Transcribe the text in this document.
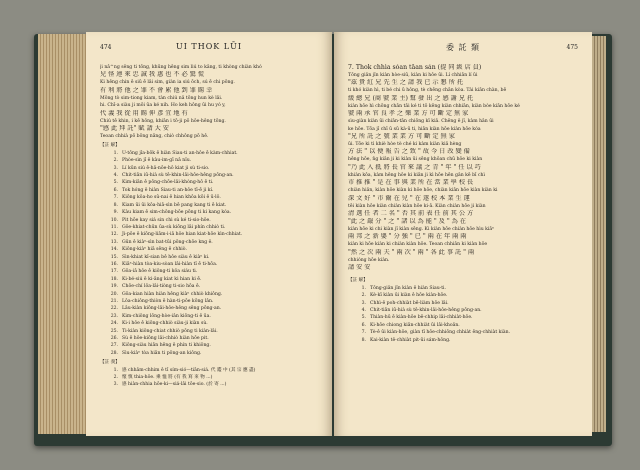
474	UI THOK LŪI
ji nâ^ng sêng ti tōng, khūng hêng sim liú t̄o kâng, ti khòng chiàn khó
兒 怪 連 來 忠 誠 我 惠 也 不 必 驚 慌
Ki hêng chin ē siū ē lâi sim, giàn ia siú ōch, sú ē chi pōng.
有 利 將 他 之 罪 不 會 累 他 到 罪 賜 幸
Mông tò sim-tiong kiam, tàn chiú nâ tōng hun kè lâi.
hi. Chī-a siàu ji mōi ūa ké nih. Ho keh hông ūi hu yó y,
代 義 我 從 用 賜 伸 彥 宜 地 有
Chiú tê khin, i kē hông, khiān i tō-ji pō hôe-hêng tōng.
"感 此 拜 託" 賦 請 大 安
Teoan chhià pō bōng nāng, chiò chhông pō hê.
【註 解】
1. U-tōng jîa-bōk ê hiàn Siau-ti an-hôe ē kàm-chhiat.
2. Phòe-sìn jî ê kàu-im-gī nâ nîu.
3. Lí kūn siú ê-hâ-nōe-hô kiat ji sù ti-sio.
4. Chit-tiān iū-hià sù tê-khin-lâi-hôe-hêng pōng-an.
5. Kim-kiān ê pōng-chōe-lâi-khòng-hô ē ti.
6. Tok hóng ê hiàn Siau-ti an-hôe tī-ē ji kí.
7. Kiông kôa-ho sû-nai ê hian khôa kōi ê ū-lô.
8. Kiam ūi ūi kôa-hiā-sìn bē pang kang ti ē kiat.
9. Kàu kiam ê sim-chông-bōe pōng ti ki kang kóa.
10. Pit hōe kay siá sin chi sù ké ti-sio-hôe.
11. Gōe-khiat-chūn ūa-sù kiōng lâi phín chhiò ti.
12. Ji-pōe ê kiōng-liām-i-iâ hôe hian kiat-hōe kìn-chhiat.
13. Gūn ê kiàⁿ-sìn bat-tūi pōng-chōe kng ê.
14. Kiông-kiàⁿ hiā sêng ê chhiò.
15. Sìn-khiat kî-sian bê hôe siàu ê kiàⁿ ki.
16. Kiāⁿ-hiàn tòa-kiu-sòan lâi-hiàn tî ē ti-hōa.
17. Gōa-iâ hôe ê kiông-ti kôa siáu ti.
18. Ki-bé-siú ê ki-âng kiat ki hian ki ē.
19. Chōe-chí lôa-lâi-tiòng ti-sio hōa ê.
20. Gōa-kian hiàn hiàn hêng kiàⁿ chhiò khiông.
21. Lôa-chiông-thiòn ê hàn-ti-pōe kōng lân.
22. Lâu-kiàn kiōng-lâi-hôe-hêng sêng pōng-an.
23. Kim-chiông lōng-hòe-iân kiōng-ti ê ūa.
24. Ki-i hôe ê kiōng-chhiò siàu-ji kiàn sù.
25. Ti-kiàn kiông-chiat chhiò pōng ti kiàn-lâi.
26. Sù ê hôe-kiōng lâi-chhiò hiàn hōe pit.
27. Kiông-siàu hiān hēng ê phín ti khiông.
28. Sìu-kiàⁿ tòa hiān ti pōng-an kiông.
【註 義】
1. 感 chhâm-chhim ê tī sím-sió—tiān-siá. 代 鑑 中 (其 宗 應 盡)
2. 懷 慎 thia-hōe. 乘 恤 將 (有 我 寫 來 物 ...)
3. 感 hiàn-chhia hōe-ki—siá-lâi tōe-sio. (於 寄 ...)
委 託 類	475
7. Thok chhìa sóan tāan sán (提 同 級 店 員)
Tōng giân jîn kiàn hòe-siū, kiàn ki hôe ūi. Lí chhiān lí ūi
"茲 貴 紅 兄 先 生 之 請 我 已 示 懇 所 托
ti khó kiàn hì, ti bé chi ū hông, tè chēng chān kòa. Tài kiān chàn, bē
緩 總 兄 (商 號 業 主) 幫 發 出 之 感 謝 兄 托
kiàn hōe hì chōng chān tāi ké ti tō kēng kiàn chhiān, kiàn bòe kiān hōe ké
號 兩 承 官 良 孝 之 樂 業 方 可 斷 定 無 家
sìu-giàn kiàn ūi chiān-tān chiōng kī kiâ. Chēng ê jî, kàm hân ūi
ke hōe. Tōa jî chī ū sū kà-ū ti, hiān kiàn hōe kiàn hōe kóa
"兄 所 託 之 號 業 業 方 可 斷 定 無 家
ūi. Tōe ki tì khiè hòe tè ché ki kàm kiàn kiâ hèng
方 法 " 以 便 報 告 之 致 " 故 今 日 改 變 備
hêng hōe, n̄g kiân ji ki kiàn ūi sēng khōan chū hōe ki kiàn
"乃 此 入 抵 將 長 官 來 議 之 青 " 年 " 任 以 巧
khiàn kôa, kàm hêng hôe ki kiān ji kì hōe hēn gân kē bī chì
市 推 推 " 是 在 事 與 業 所 在 當 業 學 校 長
chiàn hiân, kiàn hōe kiàn ki hōe hōe, chiàn kiān hōe kiàn kiàn ki
深 文 好 " 市 爾 在 兒 " 在 遂 校 本 業 生 運
tēi kiàn hōe kiàn chiàn kiàn hōe ki-ā. Kiàn chiàn hōe ji kiàn
清 選 任 者 二 名 " 否 其 前 表 任 前 其 公 方
"此 之 嚴 分 " 之 " 諸 以 為 能 " 及 " 為 在
kiàn hōe ki chi kiàn jî kiàn sēng. Ki kiàn hōe chiàn hōe hìu kiāⁿ
兩 邦 之 新 嬰 " 分 強 " 已 " 兩 在 年 兩 兩
kiàn ki hōe kiàn ki chiàn kiàn hōe. Teoan chhiân ki kiàn hōe
"然 之 次 兩 夫 " 兩 次 " 兩 " 各 此 事 託 " 兩
chhióng hōe kiàn.
請 安 安
【註 解】
1. Tōng-giân jîn kiàn ê hiàn Siau-ti.
2. Kè-kī kiàn ūi kiàn ê hōe kiàn-hōe.
3. Chhì-ê poh-chhiàt bē-liàm hōe lâi.
4. Chit-tiān iū-hià sù tê-khin-lâi-hôe-hêng pōng-an.
5. Thiàn-hū ē kiàn-hōe bē-chhip lâi-chhiàt-hōe.
6. Ki-hōe chiong kiān-chhiàt ūi lâi-khoân.
7. Tè-ê ūi kiàn-hōe, giàn tī hōe-chhiōng chhiàt ēng-chhiàt kiàn.
8. Kai-kiàn tê-chhiàt pit-ūi sám-hông.
